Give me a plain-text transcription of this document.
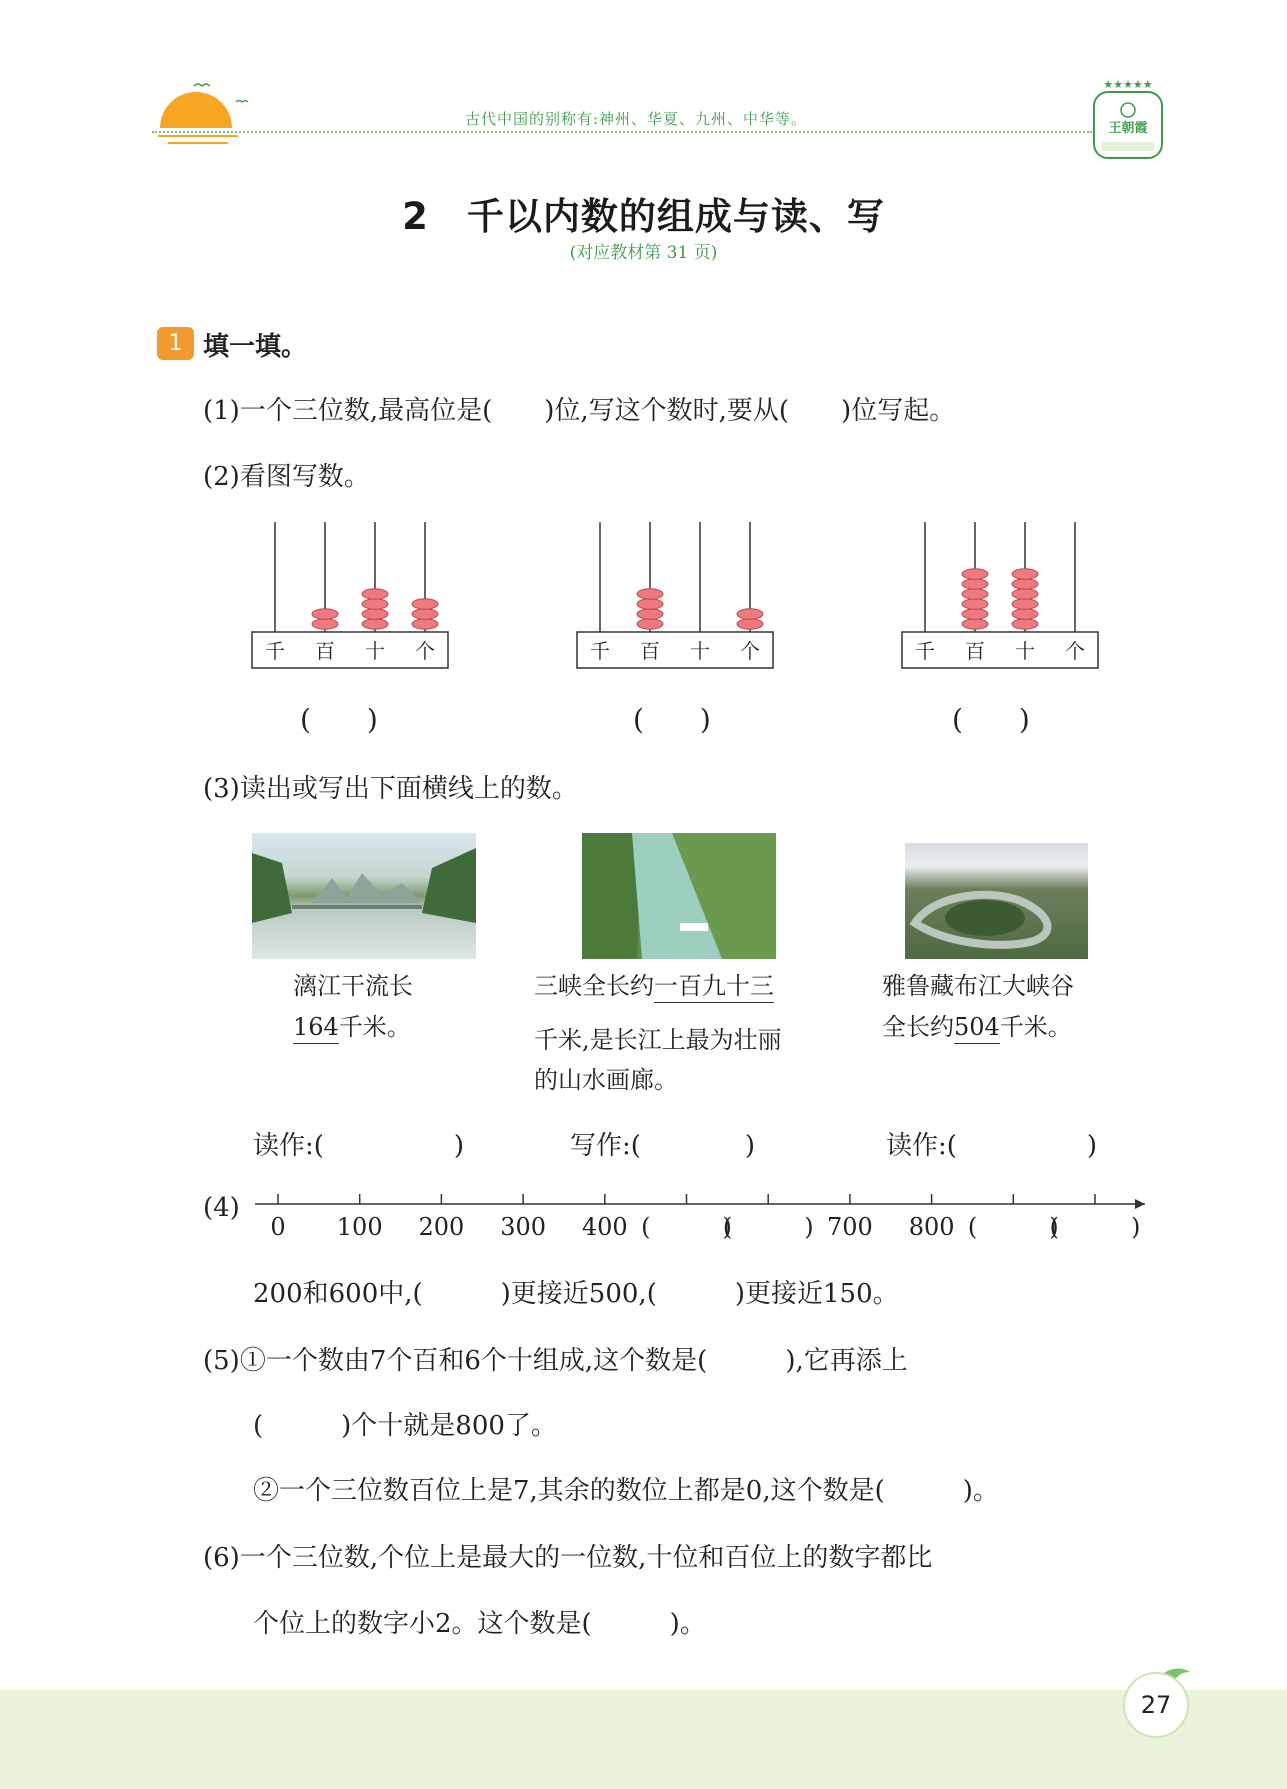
古代中国的别称有:神州、华夏、九州、中华等。
★★★★★
王朝霞
2　千以内数的组成与读、写
(对应教材第 31 页)
1 填一填。
(1)一个三位数,最高位是(　　)位,写这个数时,要从(　　)位写起。
(2)看图写数。
千 百 十 个	千 百 十 个	千 百 十 个
(　　)	(　　)	(　　)
(3)读出或写出下面横线上的数。
漓江干流长
164千米。
三峡全长约一百九十三
千米,是长江上最为壮丽
的山水画廊。
雅鲁藏布江大峡谷
全长约504千米。
读作:(　　　　　)	写作:(　　　　)	读作:(　　　　　)
(4)
0 100 200 300 400 (　　　)
(　　　) 700 800 (　　　)
(　　　)
200和600中,(　　　)更接近500,(　　　)更接近150。
(5)①一个数由7个百和6个十组成,这个数是(　　　),它再添上
(　　　)个十就是800了。
②一个三位数百位上是7,其余的数位上都是0,这个数是(　　　)。
(6)一个三位数,个位上是最大的一位数,十位和百位上的数字都比
个位上的数字小2。这个数是(　　　)。
27
